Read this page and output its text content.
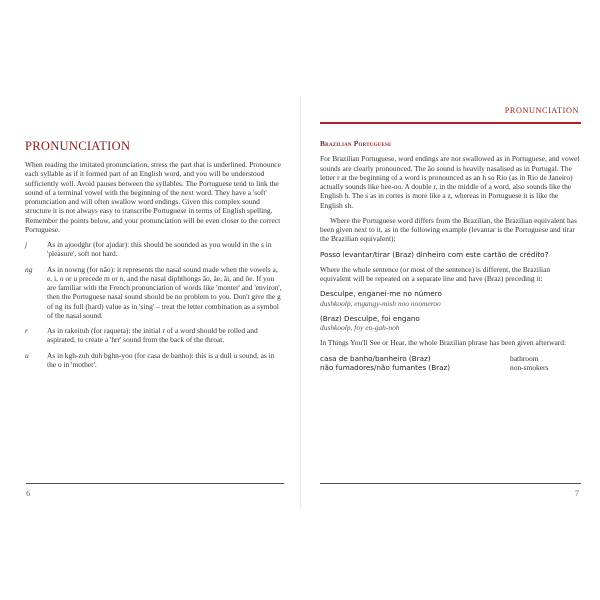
PRONUNCIATION

When reading the imitated pronunciation, stress the part that is underlined. Pronounce each syllable as if it formed part of an English word, and you will be understood sufficiently well. Avoid pauses between the syllables. The Portuguese tend to link the sound of a terminal vowel with the beginning of the next word. They have a 'soft' pronunciation and will often swallow word endings. Given this complex sound structure it is not always easy to transcribe Portuguese in terms of English spelling. Remember the points below, and your pronunciation will be even closer to the correct Portuguese.

j	As in ajoodghr (for ajudar): this should be sounded as you would in the s in 'pleasure', soft not hard.
ng	As in nowng (for não): it represents the nasal sound made when the vowels a, e, i, o or u precede m or n, and the nasal diphthongs ão, ãe, ãi, and õe. If you are familiar with the French pronunciation of words like 'monter' and 'environ', then the Portuguese nasal sound should be no problem to you. Don't give the g of ng its full (hard) value as in 'sing' – treat the letter combination as a symbol of the nasal sound.
r	As in rakeituh (for raqueta): the initial r of a word should be rolled and aspirated, to create a 'hrr' sound from the back of the throat.
u	As in kgh-zuh duh bghn-yoo (for casa de banho): this is a dull u sound, as in the o in 'mother'.
6
PRONUNCIATION
Brazilian Portuguese

For Brazilian Portuguese, word endings are not swallowed as in Portuguese, and vowel sounds are clearly pronounced. The ão sound is heavily nasalised as in Portugal. The letter r at the beginning of a word is pronounced as an h so Rio (as in Rio de Janeiro) actually sounds like hee-oo. A double r, in the middle of a word, also sounds like the English h. The s as in cortes is more like a z, whereas in Portuguese it is like the English sh.

Where the Portuguese word differs from the Brazilian, the Brazilian equivalent has been given next to it, as in the following example (levantar is the Portuguese and tirar the Brazilian equivalent);

Posso levantar/tirar (Braz) dinheiro com este cartão de crédito?

Where the whole sentence (or most of the sentence) is different, the Brazilian equivalent will be repeated on a separate line and have (Braz) preceding it:

Desculpe, enganei-me no número

dushkoolp, engangy-mish noo noomeroo

(Braz) Desculpe, foi engano

dushkoolp, foy en-gah-noh

In Things You'll See or Hear, the whole Brazilian phrase has been given afterward:

casa de banho/banheiro (Braz)	bathroom
não fumadores/não fumantes (Braz)	non-smokers
7
